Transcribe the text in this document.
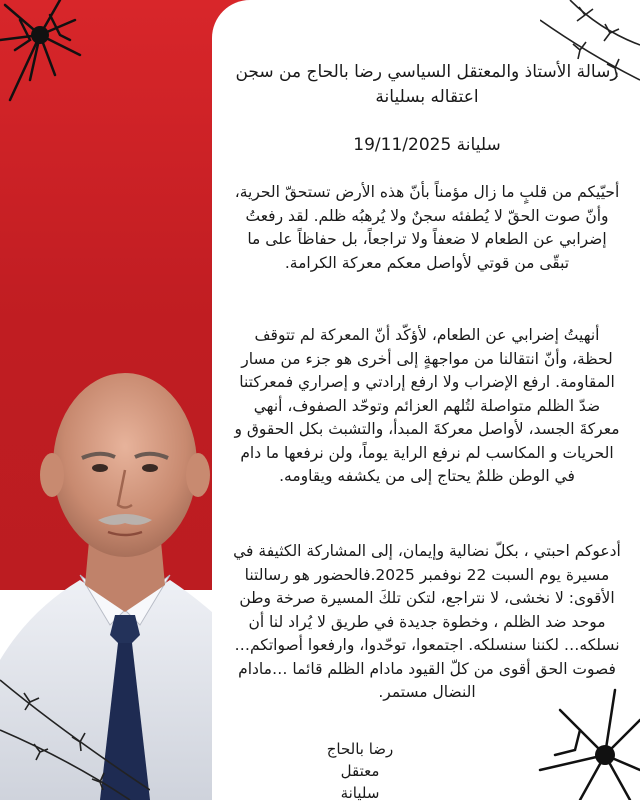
رسالة الأستاذ والمعتقل السياسي رضا بالحاج من سجن اعتقاله بسليانة

سليانة 19/11/2025

أحيّيكم من قلبٍ ما زال مؤمناً بأنّ هذه الأرض تستحقّ الحرية، وأنّ صوت الحقّ لا يُطفئه سجنٌ ولا يُرهبُه ظلم. لقد رفعتُ إضرابي عن الطعام لا ضعفاً ولا تراجعاً، بل حفاظاً على ما تبقّى من قوتي لأواصل معكم معركة الكرامة.

أنهيتُ إضرابي عن الطعام، لأؤكّد أنّ المعركة لم تتوقف لحظة، وأنّ انتقالنا من مواجهةٍ إلى أخرى هو جزء من مسار المقاومة. ارفع الإضراب ولا ارفع إرادتي و إصراري فمعركتنا ضدّ الظلم متواصلة لتُلهم العزائم وتوحّد الصفوف، أنهي معركةَ الجسد، لأواصل معركةَ المبدأ، والتشبث بكل الحقوق و الحريات و المكاسب لم نرفع الراية يوماً، ولن نرفعها ما دام في الوطن ظلمٌ يحتاج إلى من يكشفه ويقاومه.

أدعوكم احبتي ، بكلّ نضالية وإيمان، إلى المشاركة الكثيفة في مسيرة يوم السبت 22 نوفمبر 2025.فالحضور هو رسالتنا الأقوى: لا نخشى، لا نتراجع، لتكن تلكَ المسيرة صرخة وطن موحد ضد الظلم ، وخطوة جديدة في طريق لا يُراد لنا أن نسلكه… لكننا سنسلكه. اجتمعوا، توحّدوا، وارفعوا أصواتكم… فصوت الحق أقوى من كلّ القيود مادام الظلم قائما …مادام النضال مستمر.

رضا بالحاج
معتقل سليانة
